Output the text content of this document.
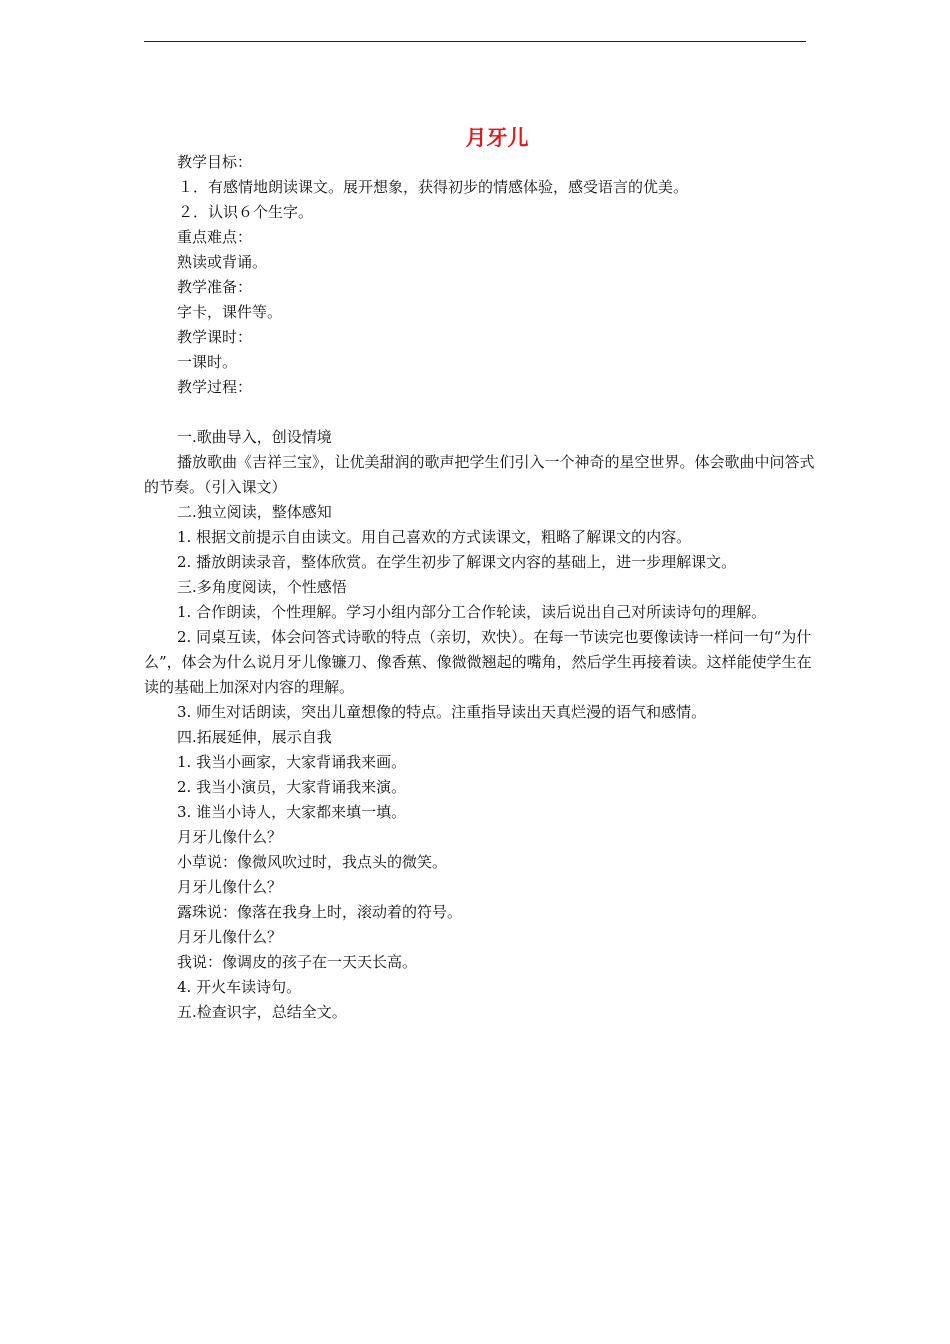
月牙儿
教学目标：
１．有感情地朗读课文。展开想象，获得初步的情感体验，感受语言的优美。
２．认识６个生字。
重点难点：
熟读或背诵。
教学准备：
字卡，课件等。
教学课时：
一课时。
教学过程：
一.歌曲导入，创设情境
播放歌曲《吉祥三宝》，让优美甜润的歌声把学生们引入一个神奇的星空世界。体会歌曲中问答式的节奏。（引入课文）
二.独立阅读，整体感知
1. 根据文前提示自由读文。用自己喜欢的方式读课文，粗略了解课文的内容。
2. 播放朗读录音，整体欣赏。在学生初步了解课文内容的基础上，进一步理解课文。
三.多角度阅读，个性感悟
1. 合作朗读，个性理解。学习小组内部分工合作轮读，读后说出自己对所读诗句的理解。
2. 同桌互读，体会问答式诗歌的特点（亲切，欢快）。在每一节读完也要像读诗一样问一句“为什么”，体会为什么说月牙儿像镰刀、像香蕉、像微微翘起的嘴角，然后学生再接着读。这样能使学生在读的基础上加深对内容的理解。
3. 师生对话朗读，突出儿童想像的特点。注重指导读出天真烂漫的语气和感情。
四.拓展延伸，展示自我
1. 我当小画家，大家背诵我来画。
2. 我当小演员，大家背诵我来演。
3. 谁当小诗人，大家都来填一填。
月牙儿像什么？
小草说：像微风吹过时，我点头的微笑。
月牙儿像什么？
露珠说：像落在我身上时，滚动着的符号。
月牙儿像什么？
我说：像调皮的孩子在一天天长高。
4. 开火车读诗句。
五.检查识字，总结全文。
